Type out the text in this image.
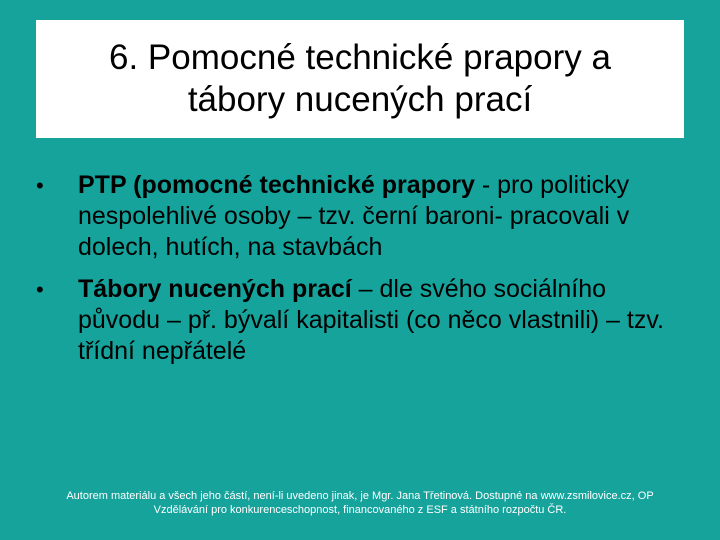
6. Pomocné technické prapory a
tábory nucených prací
• PTP (pomocné technické prapory - pro politicky nespolehlivé osoby – tzv. černí baroni- pracovali v dolech, hutích, na stavbách
• Tábory nucených prací – dle svého sociálního původu – př. bývalí kapitalisti (co něco vlastnili) – tzv. třídní nepřátelé
Autorem materiálu a všech jeho částí, není-li uvedeno jinak, je Mgr. Jana Třetinová. Dostupné na www.zsmilovice.cz, OP
Vzdělávání pro konkurenceschopnost, financovaného z ESF a státního rozpočtu ČR.
